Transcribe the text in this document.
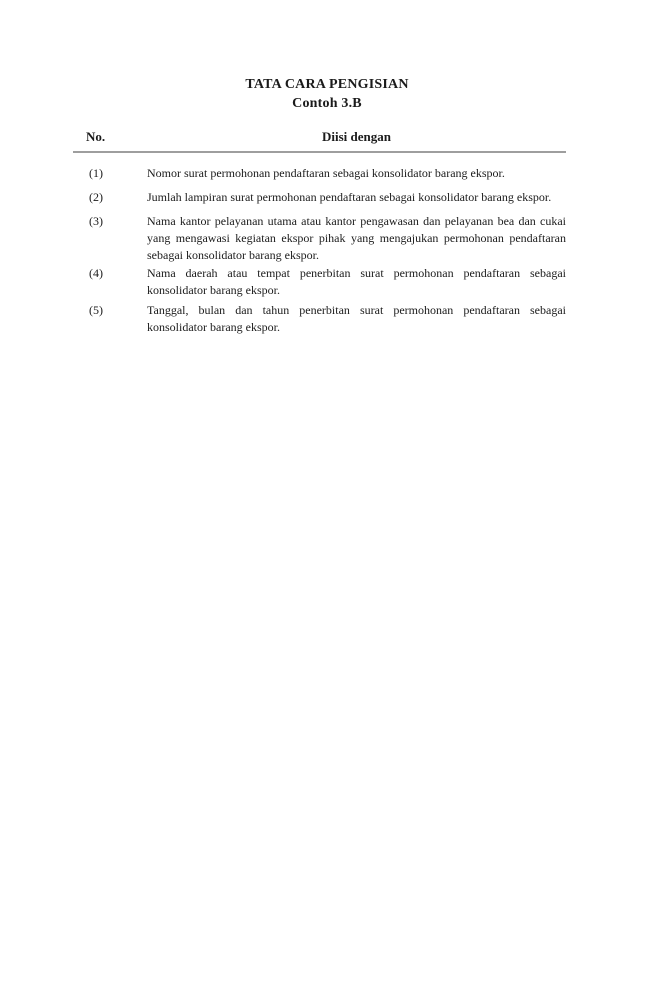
TATA CARA PENGISIAN
Contoh 3.B
No.	Diisi dengan
(1)	Nomor surat permohonan pendaftaran sebagai konsolidator barang ekspor.
(2)	Jumlah lampiran surat permohonan pendaftaran sebagai konsolidator barang ekspor.
(3)	Nama kantor pelayanan utama atau kantor pengawasan dan pelayanan bea dan cukai yang mengawasi kegiatan ekspor pihak yang mengajukan permohonan pendaftaran sebagai konsolidator barang ekspor.
(4)	Nama daerah atau tempat penerbitan surat permohonan pendaftaran sebagai konsolidator barang ekspor.
(5)	Tanggal, bulan dan tahun penerbitan surat permohonan pendaftaran sebagai konsolidator barang ekspor.
